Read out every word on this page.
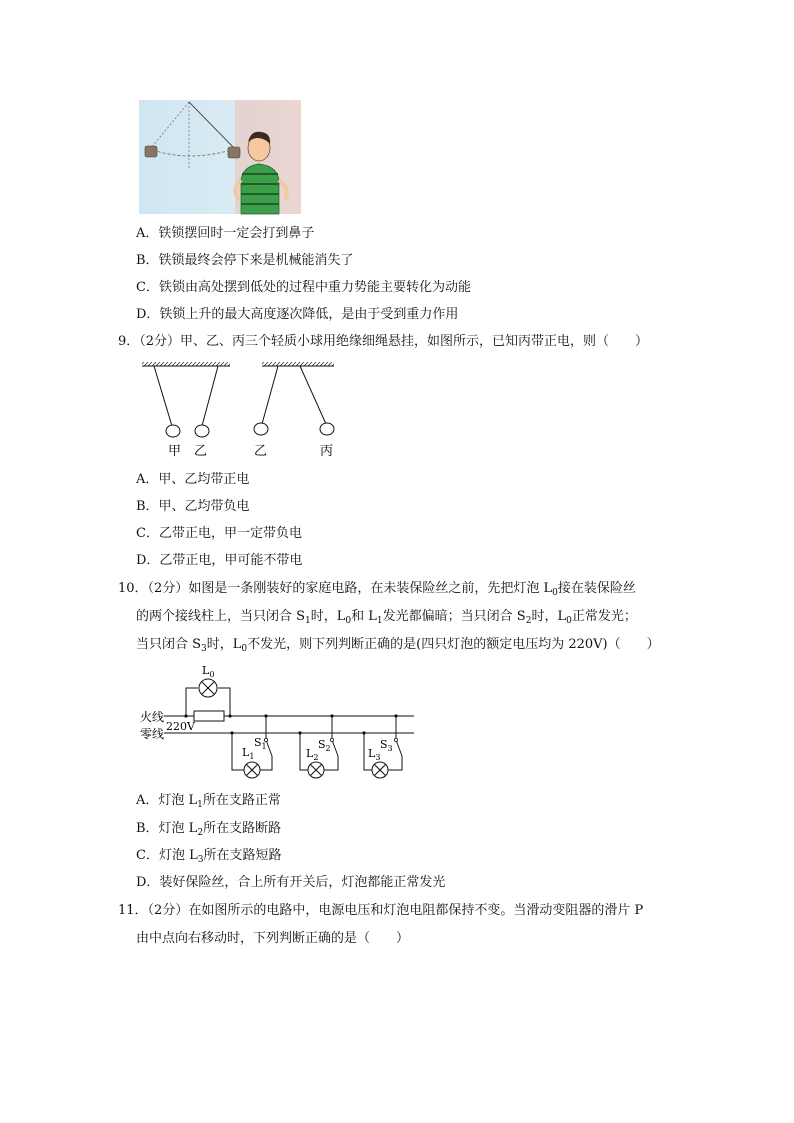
A．铁锁摆回时一定会打到鼻子
B．铁锁最终会停下来是机械能消失了
C．铁锁由高处摆到低处的过程中重力势能主要转化为动能
D．铁锁上升的最大高度逐次降低，是由于受到重力作用
9．（2分）甲、乙、丙三个轻质小球用绝缘细绳悬挂，如图所示，已知丙带正电，则（　　）
甲 乙	乙	丙
A．甲、乙均带正电
B．甲、乙均带负电
C．乙带正电，甲一定带负电
D．乙带正电，甲可能不带电
10．（2分）如图是一条刚装好的家庭电路，在未装保险丝之前，先把灯泡 $L_0$接在装保险丝
的两个接线柱上，当只闭合 $S_1$时，$L_0$和 $L_1$发光都偏暗；当只闭合 $S_2$时，$L_0$正常发光；
当只闭合 $S_3$时，$L_0$不发光，则下列判断正确的是(四只灯泡的额定电压均为 220V)（　　）
火线
零线
220V
$L_0$
$S_1$
$L_1$
$S_2$
$L_2$
$S_3$
$L_3$
A．灯泡 $L_1$所在支路正常
B．灯泡 $L_2$所在支路断路
C．灯泡 $L_3$所在支路短路
D．装好保险丝，合上所有开关后，灯泡都能正常发光
11．（2分）在如图所示的电路中，电源电压和灯泡电阻都保持不变。当滑动变阻器的滑片 P
由中点向右移动时，下列判断正确的是（　　）
